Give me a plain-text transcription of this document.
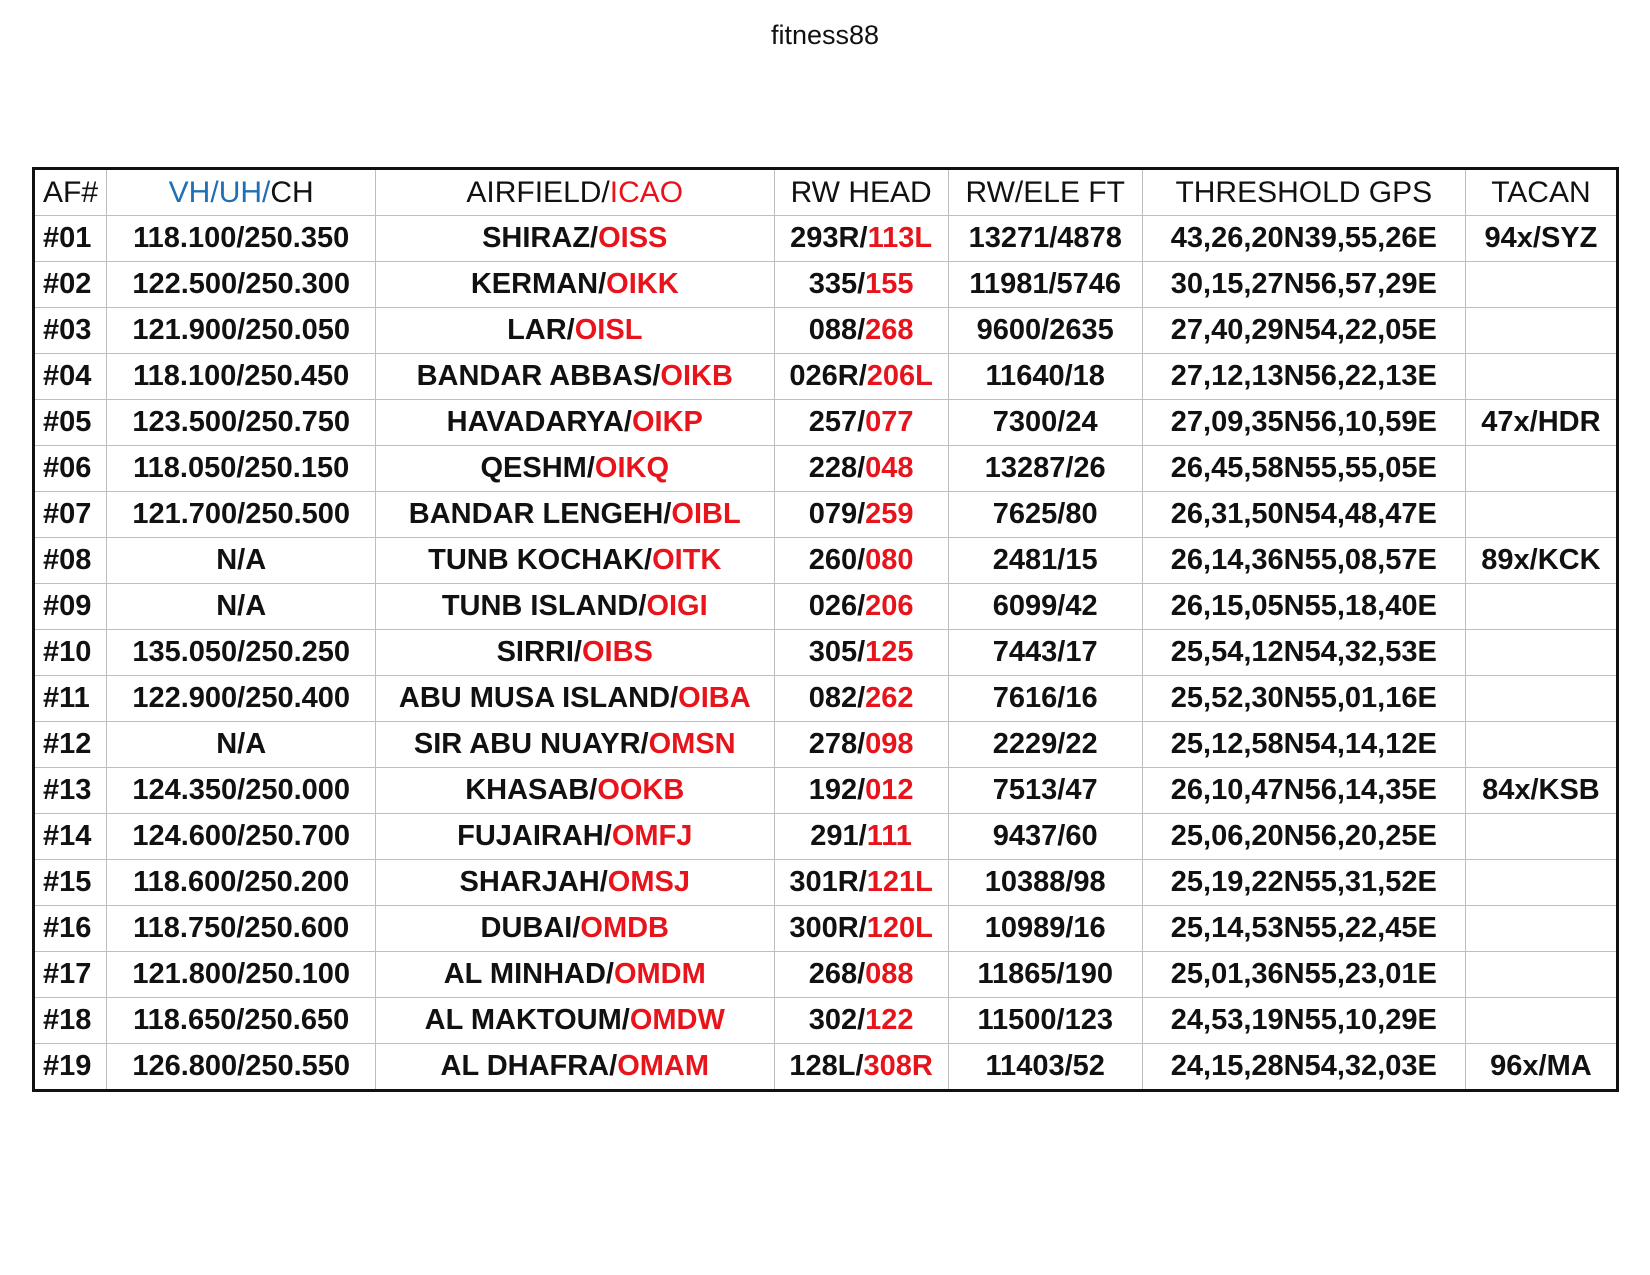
fitness88
AF#	VH/UH/CH	AIRFIELD/ICAO	RW HEAD	RW/ELE FT	THRESHOLD GPS	TACAN
#01	118.100/250.350	SHIRAZ/OISS	293R/113L	13271/4878	43,26,20N39,55,26E	94x/SYZ
#02	122.500/250.300	KERMAN/OIKK	335/155	11981/5746	30,15,27N56,57,29E	
#03	121.900/250.050	LAR/OISL	088/268	9600/2635	27,40,29N54,22,05E	
#04	118.100/250.450	BANDAR ABBAS/OIKB	026R/206L	11640/18	27,12,13N56,22,13E	
#05	123.500/250.750	HAVADARYA/OIKP	257/077	7300/24	27,09,35N56,10,59E	47x/HDR
#06	118.050/250.150	QESHM/OIKQ	228/048	13287/26	26,45,58N55,55,05E	
#07	121.700/250.500	BANDAR LENGEH/OIBL	079/259	7625/80	26,31,50N54,48,47E	
#08	N/A	TUNB KOCHAK/OITK	260/080	2481/15	26,14,36N55,08,57E	89x/KCK
#09	N/A	TUNB ISLAND/OIGI	026/206	6099/42	26,15,05N55,18,40E	
#10	135.050/250.250	SIRRI/OIBS	305/125	7443/17	25,54,12N54,32,53E	
#11	122.900/250.400	ABU MUSA ISLAND/OIBA	082/262	7616/16	25,52,30N55,01,16E	
#12	N/A	SIR ABU NUAYR/OMSN	278/098	2229/22	25,12,58N54,14,12E	
#13	124.350/250.000	KHASAB/OOKB	192/012	7513/47	26,10,47N56,14,35E	84x/KSB
#14	124.600/250.700	FUJAIRAH/OMFJ	291/111	9437/60	25,06,20N56,20,25E	
#15	118.600/250.200	SHARJAH/OMSJ	301R/121L	10388/98	25,19,22N55,31,52E	
#16	118.750/250.600	DUBAI/OMDB	300R/120L	10989/16	25,14,53N55,22,45E	
#17	121.800/250.100	AL MINHAD/OMDM	268/088	11865/190	25,01,36N55,23,01E	
#18	118.650/250.650	AL MAKTOUM/OMDW	302/122	11500/123	24,53,19N55,10,29E	
#19	126.800/250.550	AL DHAFRA/OMAM	128L/308R	11403/52	24,15,28N54,32,03E	96x/MA
